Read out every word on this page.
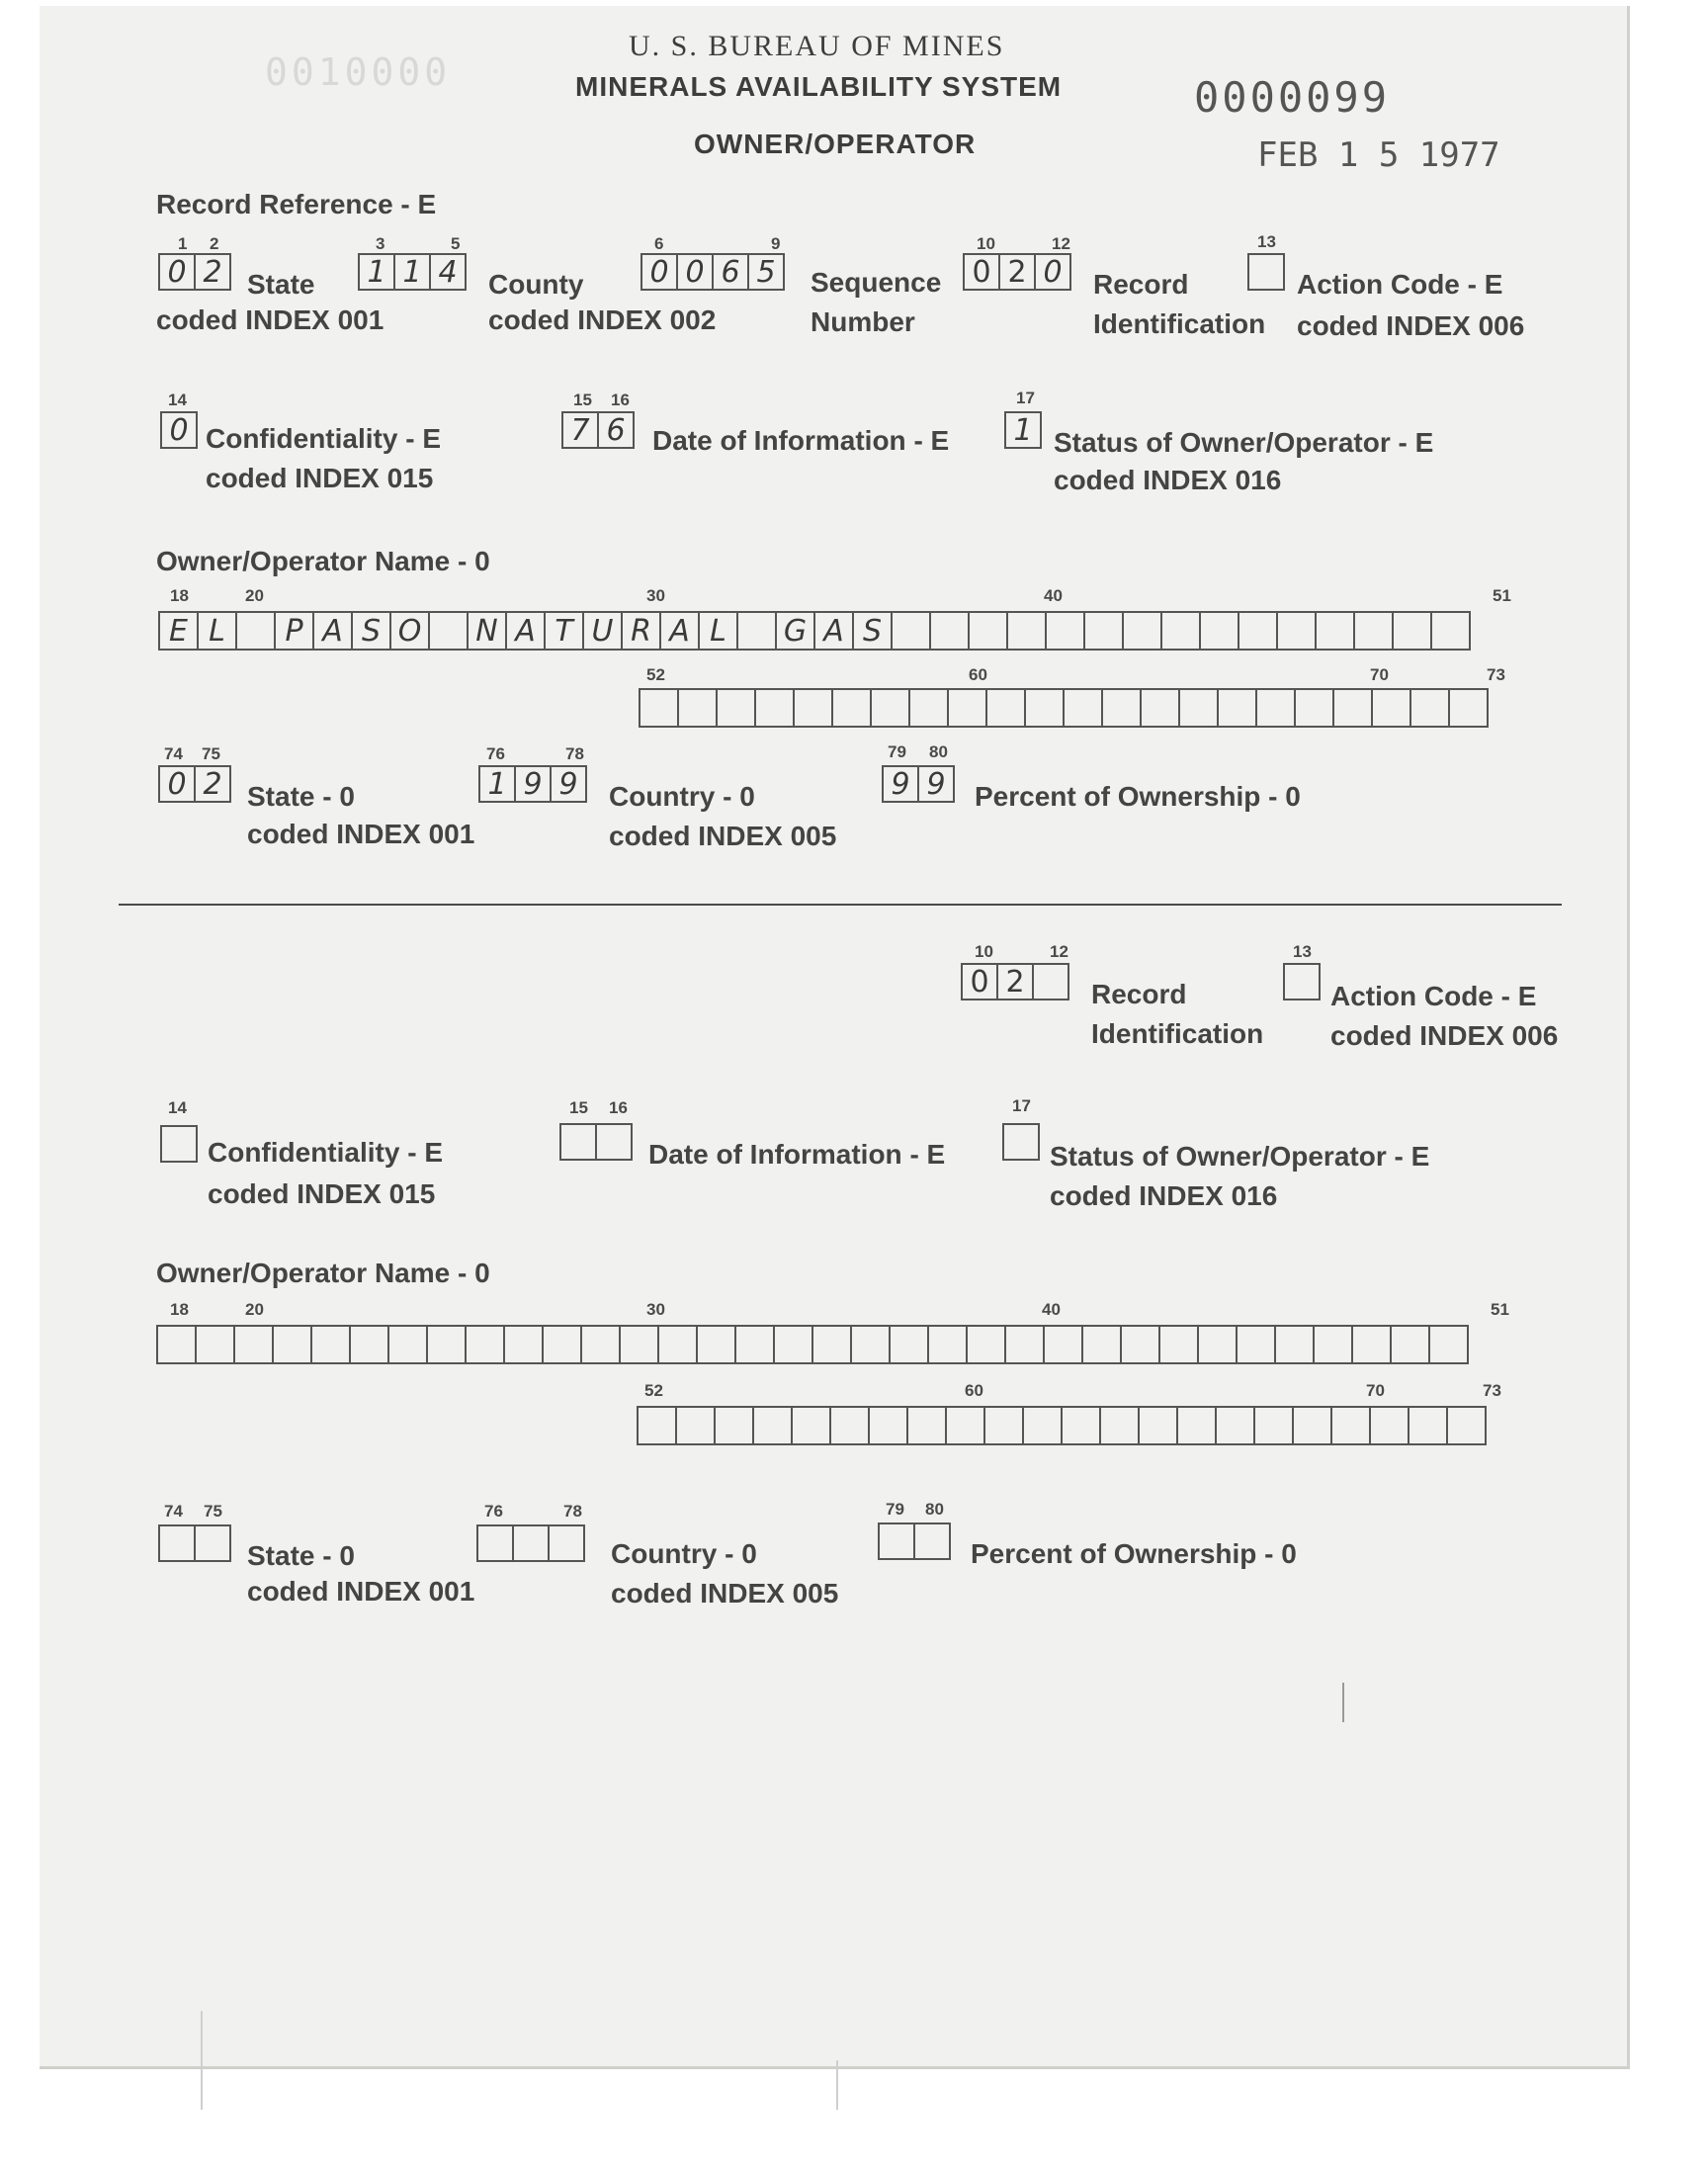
0010000
U. S. BUREAU OF MINES
MINERALS AVAILABILITY SYSTEM
OWNER/OPERATOR
0000099
FEB 1 5 1977
Record Reference - E
1 2
0 2 State
coded INDEX 001
3	5
1 1 4	County
coded INDEX 002
6	9
0 0 6 5	Sequence
Number
10	12
0 2 0	Record
Identification
13
Action Code - E
coded INDEX 006
14
0 Confidentiality - E
coded INDEX 015
15 16
7 6 Date of Information - E
17
1 Status of Owner/Operator - E
coded INDEX 016
Owner/Operator Name - 0
18	20	30	40	51
E L	P A S O	N A T U R A L	G A S
52	60	70	73
74 75
0 2 State - 0
coded INDEX 001
76	78
1 9 9	Country - 0
coded INDEX 005
79 80
9 9	Percent of Ownership - 0
10	12
0 2	Record
Identification
13
Action Code - E
coded INDEX 006
14
Confidentiality - E
coded INDEX 015
15 16
Date of Information - E
17
Status of Owner/Operator - E
coded INDEX 016
Owner/Operator Name - 0
18	20	30	40	51
52	60	70	73
74 75
State - 0
coded INDEX 001
76	78
Country - 0
coded INDEX 005
79 80
Percent of Ownership - 0
